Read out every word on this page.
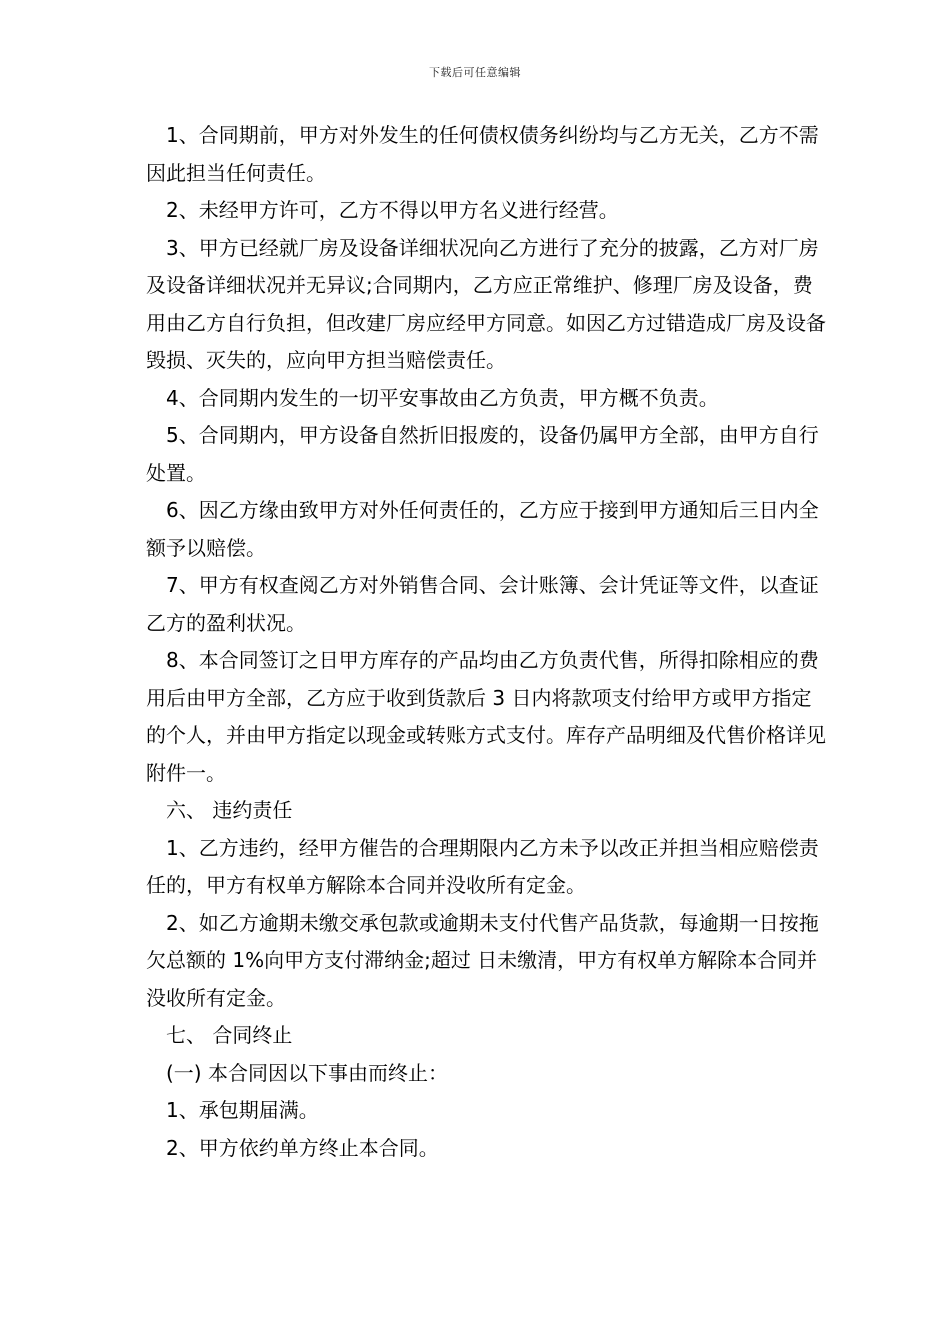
下载后可任意编辑

1、合同期前，甲方对外发生的任何债权债务纠纷均与乙方无关，乙方不需因此担当任何责任。

2、未经甲方许可，乙方不得以甲方名义进行经营。

3、甲方已经就厂房及设备详细状况向乙方进行了充分的披露，乙方对厂房及设备详细状况并无异议;合同期内，乙方应正常维护、修理厂房及设备，费用由乙方自行负担，但改建厂房应经甲方同意。如因乙方过错造成厂房及设备毁损、灭失的，应向甲方担当赔偿责任。

4、合同期内发生的一切平安事故由乙方负责，甲方概不负责。

5、合同期内，甲方设备自然折旧报废的，设备仍属甲方全部，由甲方自行处置。

6、因乙方缘由致甲方对外任何责任的，乙方应于接到甲方通知后三日内全额予以赔偿。

7、甲方有权查阅乙方对外销售合同、会计账簿、会计凭证等文件，以查证乙方的盈利状况。

8、本合同签订之日甲方库存的产品均由乙方负责代售，所得扣除相应的费用后由甲方全部，乙方应于收到货款后 3 日内将款项支付给甲方或甲方指定的个人，并由甲方指定以现金或转账方式支付。库存产品明细及代售价格详见附件一。

六、 违约责任

1、乙方违约，经甲方催告的合理期限内乙方未予以改正并担当相应赔偿责任的，甲方有权单方解除本合同并没收所有定金。

2、如乙方逾期未缴交承包款或逾期未支付代售产品货款，每逾期一日按拖欠总额的 1%向甲方支付滞纳金;超过 日未缴清，甲方有权单方解除本合同并没收所有定金。

七、 合同终止

(一) 本合同因以下事由而终止：

1、承包期届满。

2、甲方依约单方终止本合同。
